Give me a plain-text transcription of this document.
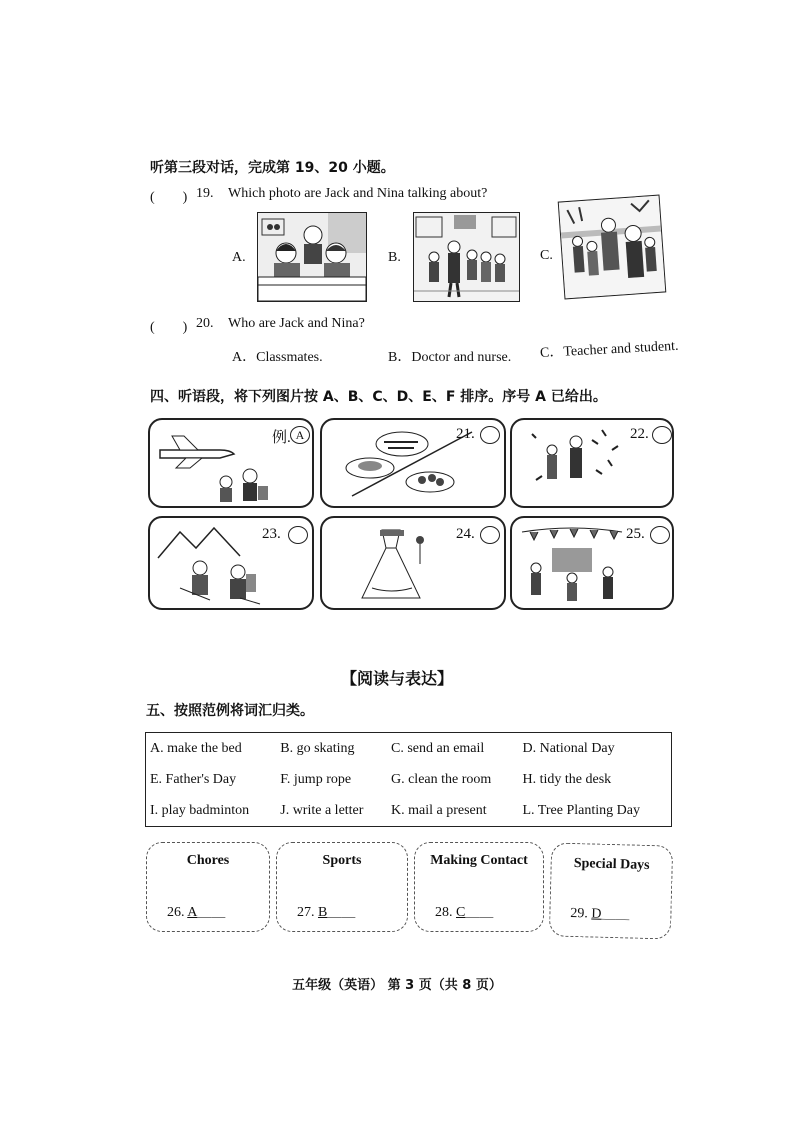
听第三段对话，完成第 19、20 小题。
(　　) 19. Which photo are Jack and Nina talking about?
A.	B.	C.
(　　) 20. Who are Jack and Nina?
A．Classmates.	B．Doctor and nurse. C．Teacher and student.
四、听语段，将下列图片按 A、B、C、D、E、F 排序。序号 A 已给出。
例. A	21.	22.
23.	24.	25.
【阅读与表达】
五、按照范例将词汇归类。
A. make the bed	B. go skating	C. send an email	D. National Day
E. Father's Day	F. jump rope	G. clean the room	H. tidy the desk
I. play badminton	J. write a letter	K. mail a present	L. Tree Planting Day
Chores
26. A＿＿
Sports
27. B＿＿
Making Contact
28. C＿＿
Special Days
29. D＿＿
五年级（英语） 第 3 页（共 8 页）
